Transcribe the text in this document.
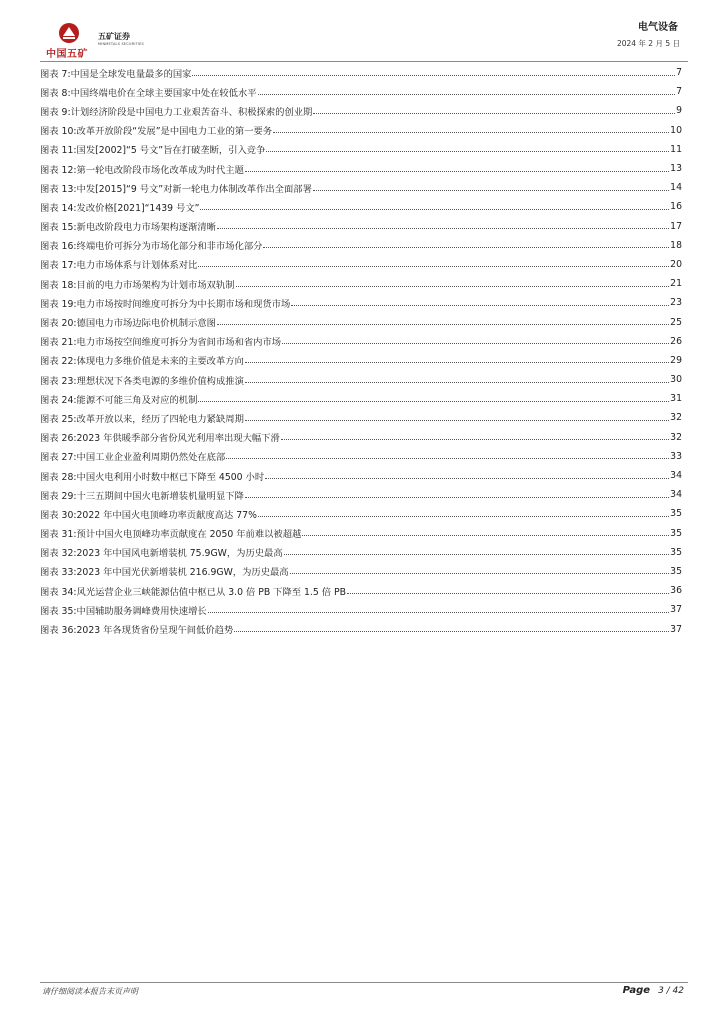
中国五矿
五矿证券
MINMETALS SECURITIES
电气设备
2024 年 2 月 5 日
图表 7: 中国是全球发电量最多的国家	7
图表 8: 中国终端电价在全球主要国家中处在较低水平	7
图表 9: 计划经济阶段是中国电力工业艰苦奋斗、积极探索的创业期	9
图表 10: 改革开放阶段“发展”是中国电力工业的第一要务	10
图表 11: 国发[2002]“5 号文”旨在打破垄断，引入竞争	11
图表 12: 第一轮电改阶段市场化改革成为时代主题	13
图表 13: 中发[2015]“9 号文”对新一轮电力体制改革作出全面部署	14
图表 14: 发改价格[2021]“1439 号文”	16
图表 15: 新电改阶段电力市场架构逐渐清晰	17
图表 16: 终端电价可拆分为市场化部分和非市场化部分	18
图表 17: 电力市场体系与计划体系对比	20
图表 18: 目前的电力市场架构为计划市场双轨制	21
图表 19: 电力市场按时间维度可拆分为中长期市场和现货市场	23
图表 20: 德国电力市场边际电价机制示意图	25
图表 21: 电力市场按空间维度可拆分为省间市场和省内市场	26
图表 22: 体现电力多维价值是未来的主要改革方向	29
图表 23: 理想状况下各类电源的多维价值构成推演	30
图表 24: 能源不可能三角及对应的机制	31
图表 25: 改革开放以来，经历了四轮电力紧缺周期	32
图表 26: 2023 年供暖季部分省份风光利用率出现大幅下滑	32
图表 27: 中国工业企业盈利周期仍然处在底部	33
图表 28: 中国火电利用小时数中枢已下降至 4500 小时	34
图表 29: 十三五期间中国火电新增装机量明显下降	34
图表 30: 2022 年中国火电顶峰功率贡献度高达 77%	35
图表 31: 预计中国火电顶峰功率贡献度在 2050 年前难以被超越	35
图表 32: 2023 年中国风电新增装机 75.9GW，为历史最高	35
图表 33: 2023 年中国光伏新增装机 216.9GW，为历史最高	35
图表 34: 风光运营企业三峡能源估值中枢已从 3.0 倍 PB 下降至 1.5 倍 PB	36
图表 35: 中国辅助服务调峰费用快速增长	37
图表 36: 2023 年各现货省份呈现午间低价趋势	37
请仔细阅读本报告末页声明	Page 3 / 42
